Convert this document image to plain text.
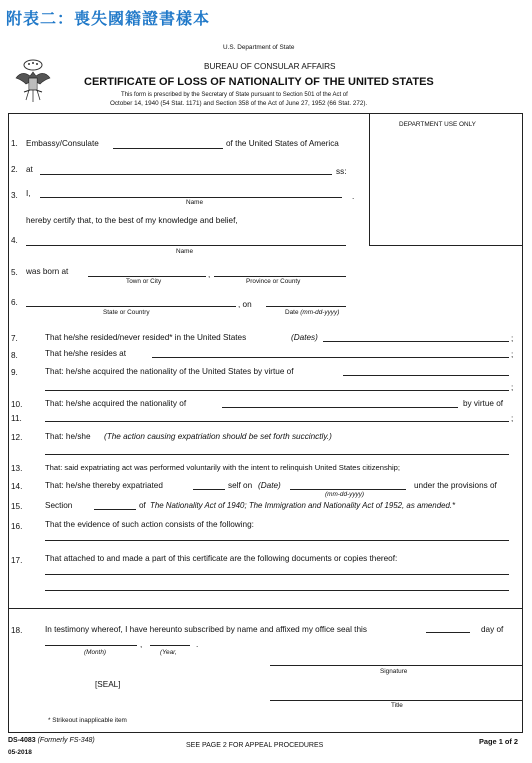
附表二：喪失國籍證書樣本
U.S. Department of State
BUREAU OF CONSULAR AFFAIRS
CERTIFICATE OF LOSS OF NATIONALITY OF THE UNITED STATES
This form is prescribed by the Secretary of State pursuant to Section 501 of the Act of
October 14, 1940 (54 Stat. 1171) and Section 358 of the Act of June 27, 1952 (66 Stat. 272).
DEPARTMENT USE ONLY
1. Embassy/Consulate	of the United States of America
2. at	ss:
3. I,	.
Name
hereby certify that, to the best of my knowledge and belief,
4.
Name
5. was born at	,
Town or City	Province or County
6.	, on
State or Country	Date (mm-dd-yyyy)
7.	That he/she resided/never resided* in the United States	(Dates)	;
8.	That he/she resides at	;
9.	That: he/she acquired the nationality of the United States by virtue of
;
10.	That: he/she acquired the nationality of	by virtue of
11.	;
12.	That: he/she (The action causing expatriation should be set forth succinctly.)
13.	That: said expatriating act was performed voluntarily with the intent to relinquish United States citizenship;
14.	That: he/she thereby expatriated	self on (Date)
(mm-dd-yyyy)
under the provisions of
15.	Section	of The Nationality Act of 1940; The Immigration and Nationality Act of 1952, as amended.*
16.	That the evidence of such action consists of the following:
17.	That attached to and made a part of this certificate are the following documents or copies thereof:
18.	In testimony whereof, I have hereunto subscribed by name and affixed my office seal this	day of
,	.
(Month)	(Year,
Signature
[SEAL]
Title
* Strikeout inapplicable item
DS-4083 (Formerly FS-348)
05-2018
SEE PAGE 2 FOR APPEAL PROCEDURES	Page 1 of 2
